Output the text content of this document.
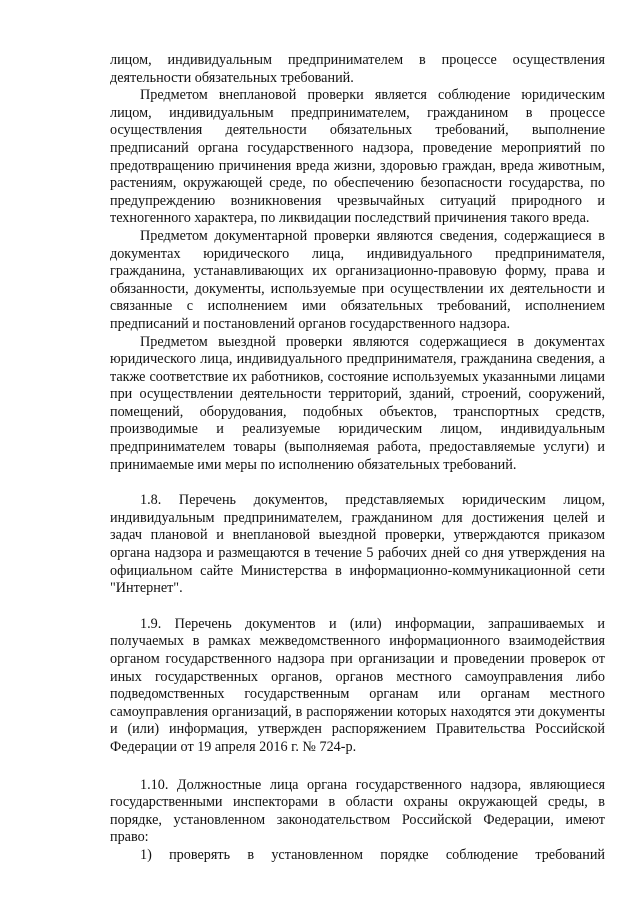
лицом, индивидуальным предпринимателем в процессе осуществления деятельности обязательных требований.

Предметом внеплановой проверки является соблюдение юридическим лицом, индивидуальным предпринимателем, гражданином в процессе осуществления деятельности обязательных требований, выполнение предписаний органа государственного надзора, проведение мероприятий по предотвращению причинения вреда жизни, здоровью граждан, вреда животным, растениям, окружающей среде, по обеспечению безопасности государства, по предупреждению возникновения чрезвычайных ситуаций природного и техногенного характера, по ликвидации последствий причинения такого вреда.

Предметом документарной проверки являются сведения, содержащиеся в документах юридического лица, индивидуального предпринимателя, гражданина, устанавливающих их организационно-правовую форму, права и обязанности, документы, используемые при осуществлении их деятельности и связанные с исполнением ими обязательных требований, исполнением предписаний и постановлений органов государственного надзора.

Предметом выездной проверки являются содержащиеся в документах юридического лица, индивидуального предпринимателя, гражданина сведения, а также соответствие их работников, состояние используемых указанными лицами при осуществлении деятельности территорий, зданий, строений, сооружений, помещений, оборудования, подобных объектов, транспортных средств, производимые и реализуемые юридическим лицом, индивидуальным предпринимателем товары (выполняемая работа, предоставляемые услуги) и принимаемые ими меры по исполнению обязательных требований.

1.8. Перечень документов, представляемых юридическим лицом, индивидуальным предпринимателем, гражданином для достижения целей и задач плановой и внеплановой выездной проверки, утверждаются приказом органа надзора и размещаются в течение 5 рабочих дней со дня утверждения на официальном сайте Министерства в информационно-коммуникационной сети "Интернет".

1.9. Перечень документов и (или) информации, запрашиваемых и получаемых в рамках межведомственного информационного взаимодействия органом государственного надзора при организации и проведении проверок от иных государственных органов, органов местного самоуправления либо подведомственных государственным органам или органам местного самоуправления организаций, в распоряжении которых находятся эти документы и (или) информация, утвержден распоряжением Правительства Российской Федерации от 19 апреля 2016 г. № 724-р.

1.10. Должностные лица органа государственного надзора, являющиеся государственными инспекторами в области охраны окружающей среды, в порядке, установленном законодательством Российской Федерации, имеют право:

1) проверять в установленном порядке соблюдение требований
